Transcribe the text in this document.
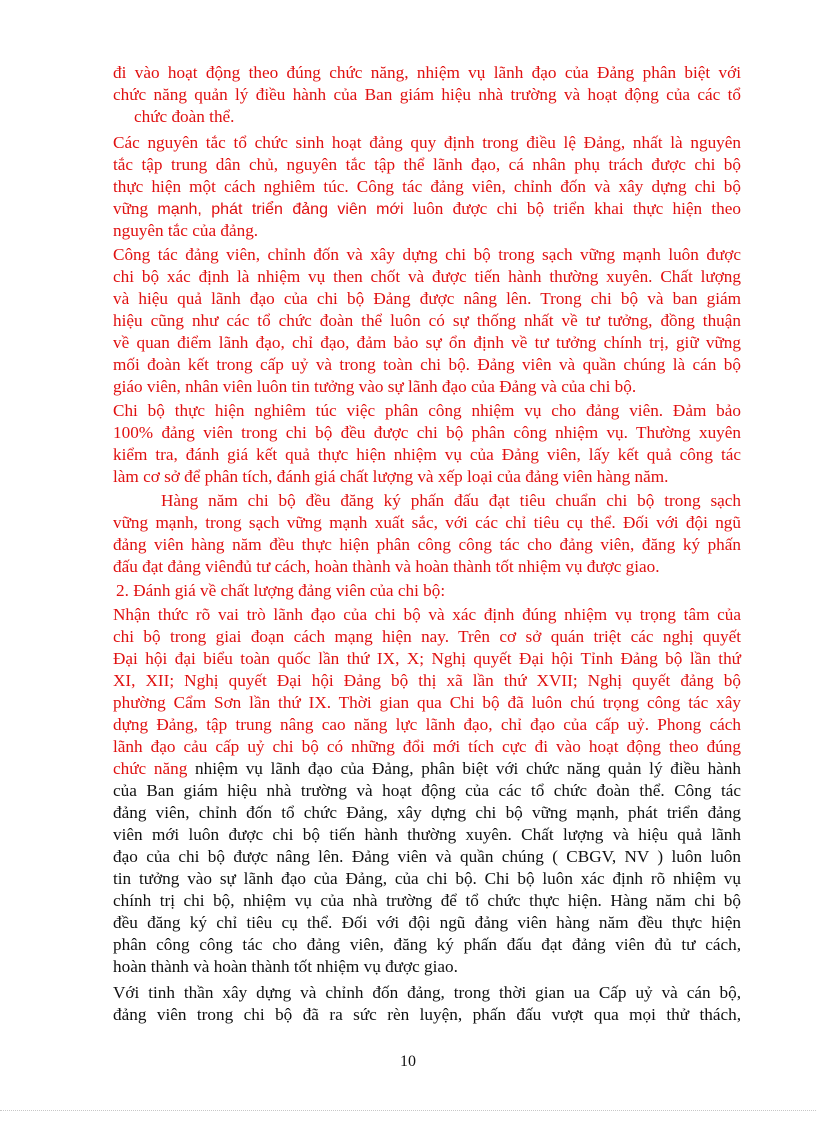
đi vào hoạt động theo đúng chức năng, nhiệm vụ lãnh đạo của Đảng phân biệt với
chức năng quản lý điều hành của Ban giám hiệu nhà trường và hoạt động của các tổ
chức đoàn thể.
Các nguyên tắc tổ chức sinh hoạt đảng quy định trong điều lệ Đảng, nhất là nguyên
tắc tập trung dân chủ, nguyên tắc tập thể lãnh đạo, cá nhân phụ trách được chi bộ
thực hiện một cách nghiêm túc. Công tác đảng viên, chỉnh đốn và xây dựng chi bộ
vững mạnh, phát triển đảng viên mới luôn được chi bộ triển khai thực hiện theo
nguyên tắc của đảng.
Công tác đảng viên, chỉnh đốn và xây dựng chi bộ trong sạch vững mạnh luôn được
chi bộ xác định là nhiệm vụ then chốt và được tiến hành thường xuyên. Chất lượng
và hiệu quả lãnh đạo của chi bộ Đảng được nâng lên. Trong chi bộ và ban giám
hiệu cũng như các tổ chức đoàn thể luôn có sự thống nhất về tư tưởng, đồng thuận
về quan điểm lãnh đạo, chỉ đạo, đảm bảo sự ổn định về tư tưởng chính trị, giữ vững
mối đoàn kết trong cấp uỷ và trong toàn chi bộ. Đảng viên và quần chúng là cán bộ
giáo viên, nhân viên luôn tin tưởng vào sự lãnh đạo của Đảng và của chi bộ.
Chi bộ thực hiện nghiêm túc việc phân công nhiệm vụ cho đảng viên. Đảm bảo
100% đảng viên trong chi bộ đều được chi bộ phân công nhiệm vụ. Thường xuyên
kiểm tra, đánh giá kết quả thực hiện nhiệm vụ của Đảng viên, lấy kết quả công tác
làm cơ sở để phân tích, đánh giá chất lượng và xếp loại của đảng viên hàng năm.
Hàng năm chi bộ đều đăng ký phấn đấu đạt tiêu chuẩn chi bộ trong sạch
vững mạnh, trong sạch vững mạnh xuất sắc, với các chỉ tiêu cụ thể. Đối với đội ngũ
đảng viên hàng năm đều thực hiện phân công công tác cho đảng viên, đăng ký phấn
đấu đạt đảng viênđủ tư cách, hoàn thành và hoàn thành tốt nhiệm vụ được giao.
2. Đánh giá về chất lượng đảng viên của chi bộ:
Nhận thức rõ vai trò lãnh đạo của chi bộ và xác định đúng nhiệm vụ trọng tâm của
chi bộ trong giai đoạn cách mạng hiện nay. Trên cơ sở quán triệt các nghị quyết
Đại hội đại biểu toàn quốc lần thứ IX, X; Nghị quyết Đại hội Tỉnh Đảng bộ lần thứ
XI, XII; Nghị quyết Đại hội Đảng bộ thị xã lần thứ XVII; Nghị quyết đảng bộ
phường Cẩm Sơn lần thứ IX. Thời gian qua Chi bộ đã luôn chú trọng công tác xây
dựng Đảng, tập trung nâng cao năng lực lãnh đạo, chỉ đạo của cấp uỷ. Phong cách
lãnh đạo cảu cấp uỷ chi bộ có những đổi mới tích cực đi vào hoạt động theo đúng
chức năng nhiệm vụ lãnh đạo của Đảng, phân biệt với chức năng quản lý điều hành
của Ban giám hiệu nhà trường và hoạt động của các tổ chức đoàn thể. Công tác
đảng viên, chỉnh đốn tổ chức Đảng, xây dựng chi bộ vững mạnh, phát triển đảng
viên mới luôn được chi bộ tiến hành thường xuyên. Chất lượng và hiệu quả lãnh
đạo của chi bộ được nâng lên. Đảng viên và quần chúng ( CBGV, NV ) luôn luôn
tin tưởng vào sự lãnh đạo của Đảng, của chi bộ. Chi bộ luôn xác định rõ nhiệm vụ
chính trị chi bộ, nhiệm vụ của nhà trường để tổ chức thực hiện. Hàng năm chi bộ
đều đăng ký chỉ tiêu cụ thể. Đối với đội ngũ đảng viên hàng năm đều thực hiện
phân công công tác cho đảng viên, đăng ký phấn đấu đạt đảng viên đủ tư cách,
hoàn thành và hoàn thành tốt nhiệm vụ được giao.
Với tinh thần xây dựng và chỉnh đốn đảng, trong thời gian ua Cấp uỷ và cán bộ,
đảng viên trong chi bộ đã ra sức rèn luyện, phấn đấu vượt qua mọi thử thách,
10
